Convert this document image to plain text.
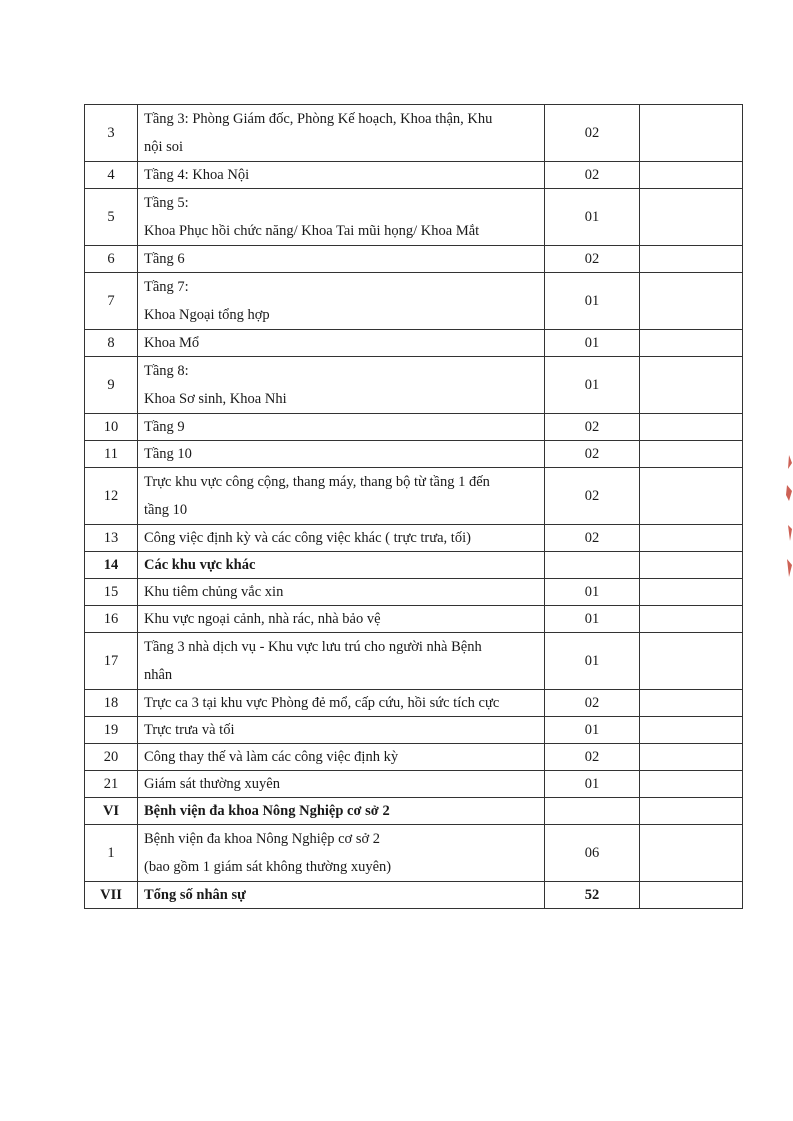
3	Tầng 3: Phòng Giám đốc, Phòng Kế hoạch, Khoa thận, Khu
nội soi	02	

4	Tầng 4: Khoa Nội	02	

5	Tầng 5:
Khoa Phục hồi chức năng/ Khoa Tai mũi họng/ Khoa Mắt	01	

6	Tầng 6	02	

7	Tầng 7:
Khoa Ngoại tổng hợp	01	

8	Khoa Mổ	01	

9	Tầng 8:
Khoa Sơ sinh, Khoa Nhi	01	

10	Tầng 9	02	

11	Tầng 10	02	

12	Trực khu vực công cộng, thang máy, thang bộ từ tầng 1 đến
tầng 10	02	

13	Công việc định kỳ và các công việc khác ( trực trưa, tối)	02	

14	Các khu vực khác		

15	Khu tiêm chủng vắc xin	01	

16	Khu vực ngoại cảnh, nhà rác, nhà bảo vệ	01	

17	Tầng 3 nhà dịch vụ - Khu vực lưu trú cho người nhà Bệnh
nhân	01	

18	Trực ca 3 tại khu vực Phòng đẻ mổ, cấp cứu, hồi sức tích cực	02	

19	Trực trưa và tối	01	

20	Công thay thế và làm các công việc định kỳ	02	

21	Giám sát thường xuyên	01	

VI	Bệnh viện đa khoa Nông Nghiệp cơ sở 2		

1	Bệnh viện đa khoa Nông Nghiệp cơ sở 2
(bao gồm 1 giám sát không thường xuyên)	06	

VII	Tổng số nhân sự	52	
